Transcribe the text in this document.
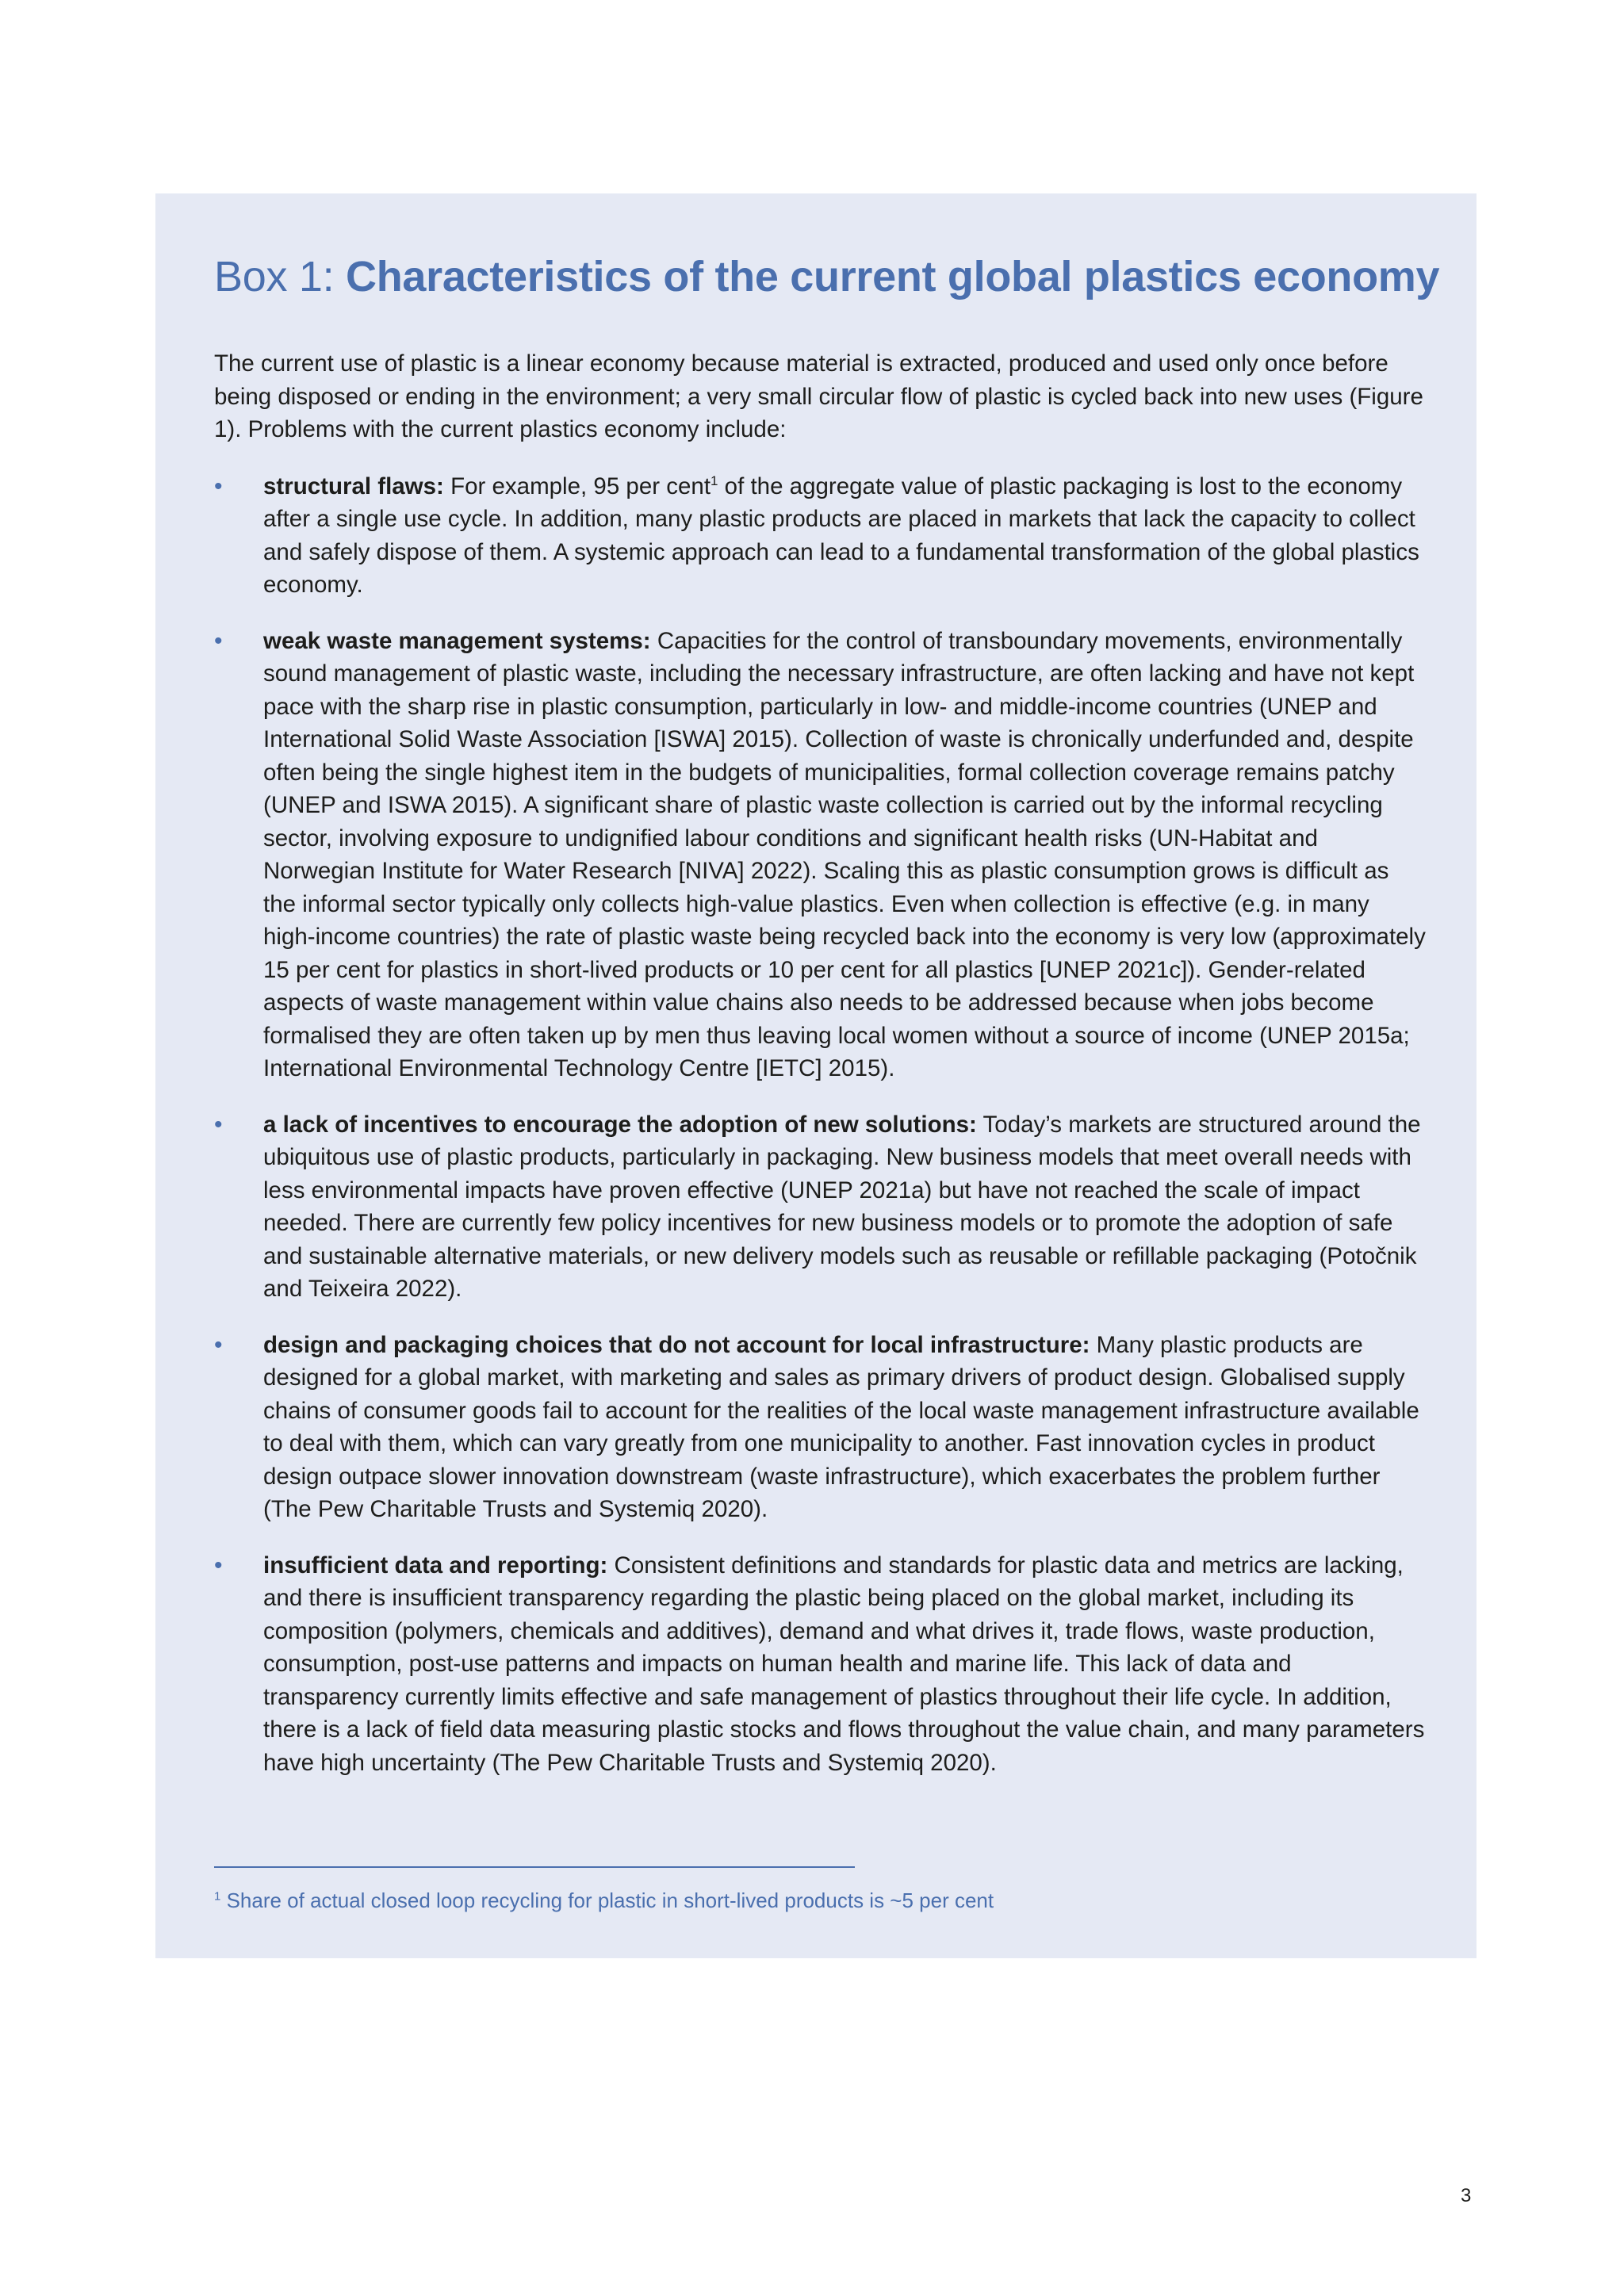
Box 1: Characteristics of the current global plastics economy

The current use of plastic is a linear economy because material is extracted, produced and used only once before being disposed or ending in the environment; a very small circular flow of plastic is cycled back into new uses (Figure 1). Problems with the current plastics economy include:

• structural flaws: For example, 95 per cent$^1$ of the aggregate value of plastic packaging is lost to the economy after a single use cycle. In addition, many plastic products are placed in markets that lack the capacity to collect and safely dispose of them. A systemic approach can lead to a fundamental transformation of the global plastics economy.
• weak waste management systems: Capacities for the control of transboundary movements, environmentally sound management of plastic waste, including the necessary infrastructure, are often lacking and have not kept pace with the sharp rise in plastic consumption, particularly in low- and middle-income countries (UNEP and International Solid Waste Association [ISWA] 2015). Collection of waste is chronically underfunded and, despite often being the single highest item in the budgets of municipalities, formal collection coverage remains patchy (UNEP and ISWA 2015). A significant share of plastic waste collection is carried out by the informal recycling sector, involving exposure to undignified labour conditions and significant health risks (UN-Habitat and Norwegian Institute for Water Research [NIVA] 2022). Scaling this as plastic consumption grows is difficult as the informal sector typically only collects high-value plastics. Even when collection is effective (e.g. in many high-income countries) the rate of plastic waste being recycled back into the economy is very low (approximately 15 per cent for plastics in short-lived products or 10 per cent for all plastics [UNEP 2021c]). Gender-related aspects of waste management within value chains also needs to be addressed because when jobs become formalised they are often taken up by men thus leaving local women without a source of income (UNEP 2015a; International Environmental Technology Centre [IETC] 2015).
• a lack of incentives to encourage the adoption of new solutions: Today’s markets are structured around the ubiquitous use of plastic products, particularly in packaging. New business models that meet overall needs with less environmental impacts have proven effective (UNEP 2021a) but have not reached the scale of impact needed. There are currently few policy incentives for new business models or to promote the adoption of safe and sustainable alternative materials, or new delivery models such as reusable or refillable packaging (Potočnik and Teixeira 2022).
• design and packaging choices that do not account for local infrastructure: Many plastic products are designed for a global market, with marketing and sales as primary drivers of product design. Globalised supply chains of consumer goods fail to account for the realities of the local waste management infrastructure available to deal with them, which can vary greatly from one municipality to another. Fast innovation cycles in product design outpace slower innovation downstream (waste infrastructure), which exacerbates the problem further (The Pew Charitable Trusts and Systemiq 2020).
• insufficient data and reporting: Consistent definitions and standards for plastic data and metrics are lacking, and there is insufficient transparency regarding the plastic being placed on the global market, including its composition (polymers, chemicals and additives), demand and what drives it, trade flows, waste production, consumption, post-use patterns and impacts on human health and marine life. This lack of data and transparency currently limits effective and safe management of plastics throughout their life cycle. In addition, there is a lack of field data measuring plastic stocks and flows throughout the value chain, and many parameters have high uncertainty (The Pew Charitable Trusts and Systemiq 2020).
$^1$ Share of actual closed loop recycling for plastic in short-lived products is ~5 per cent
3
